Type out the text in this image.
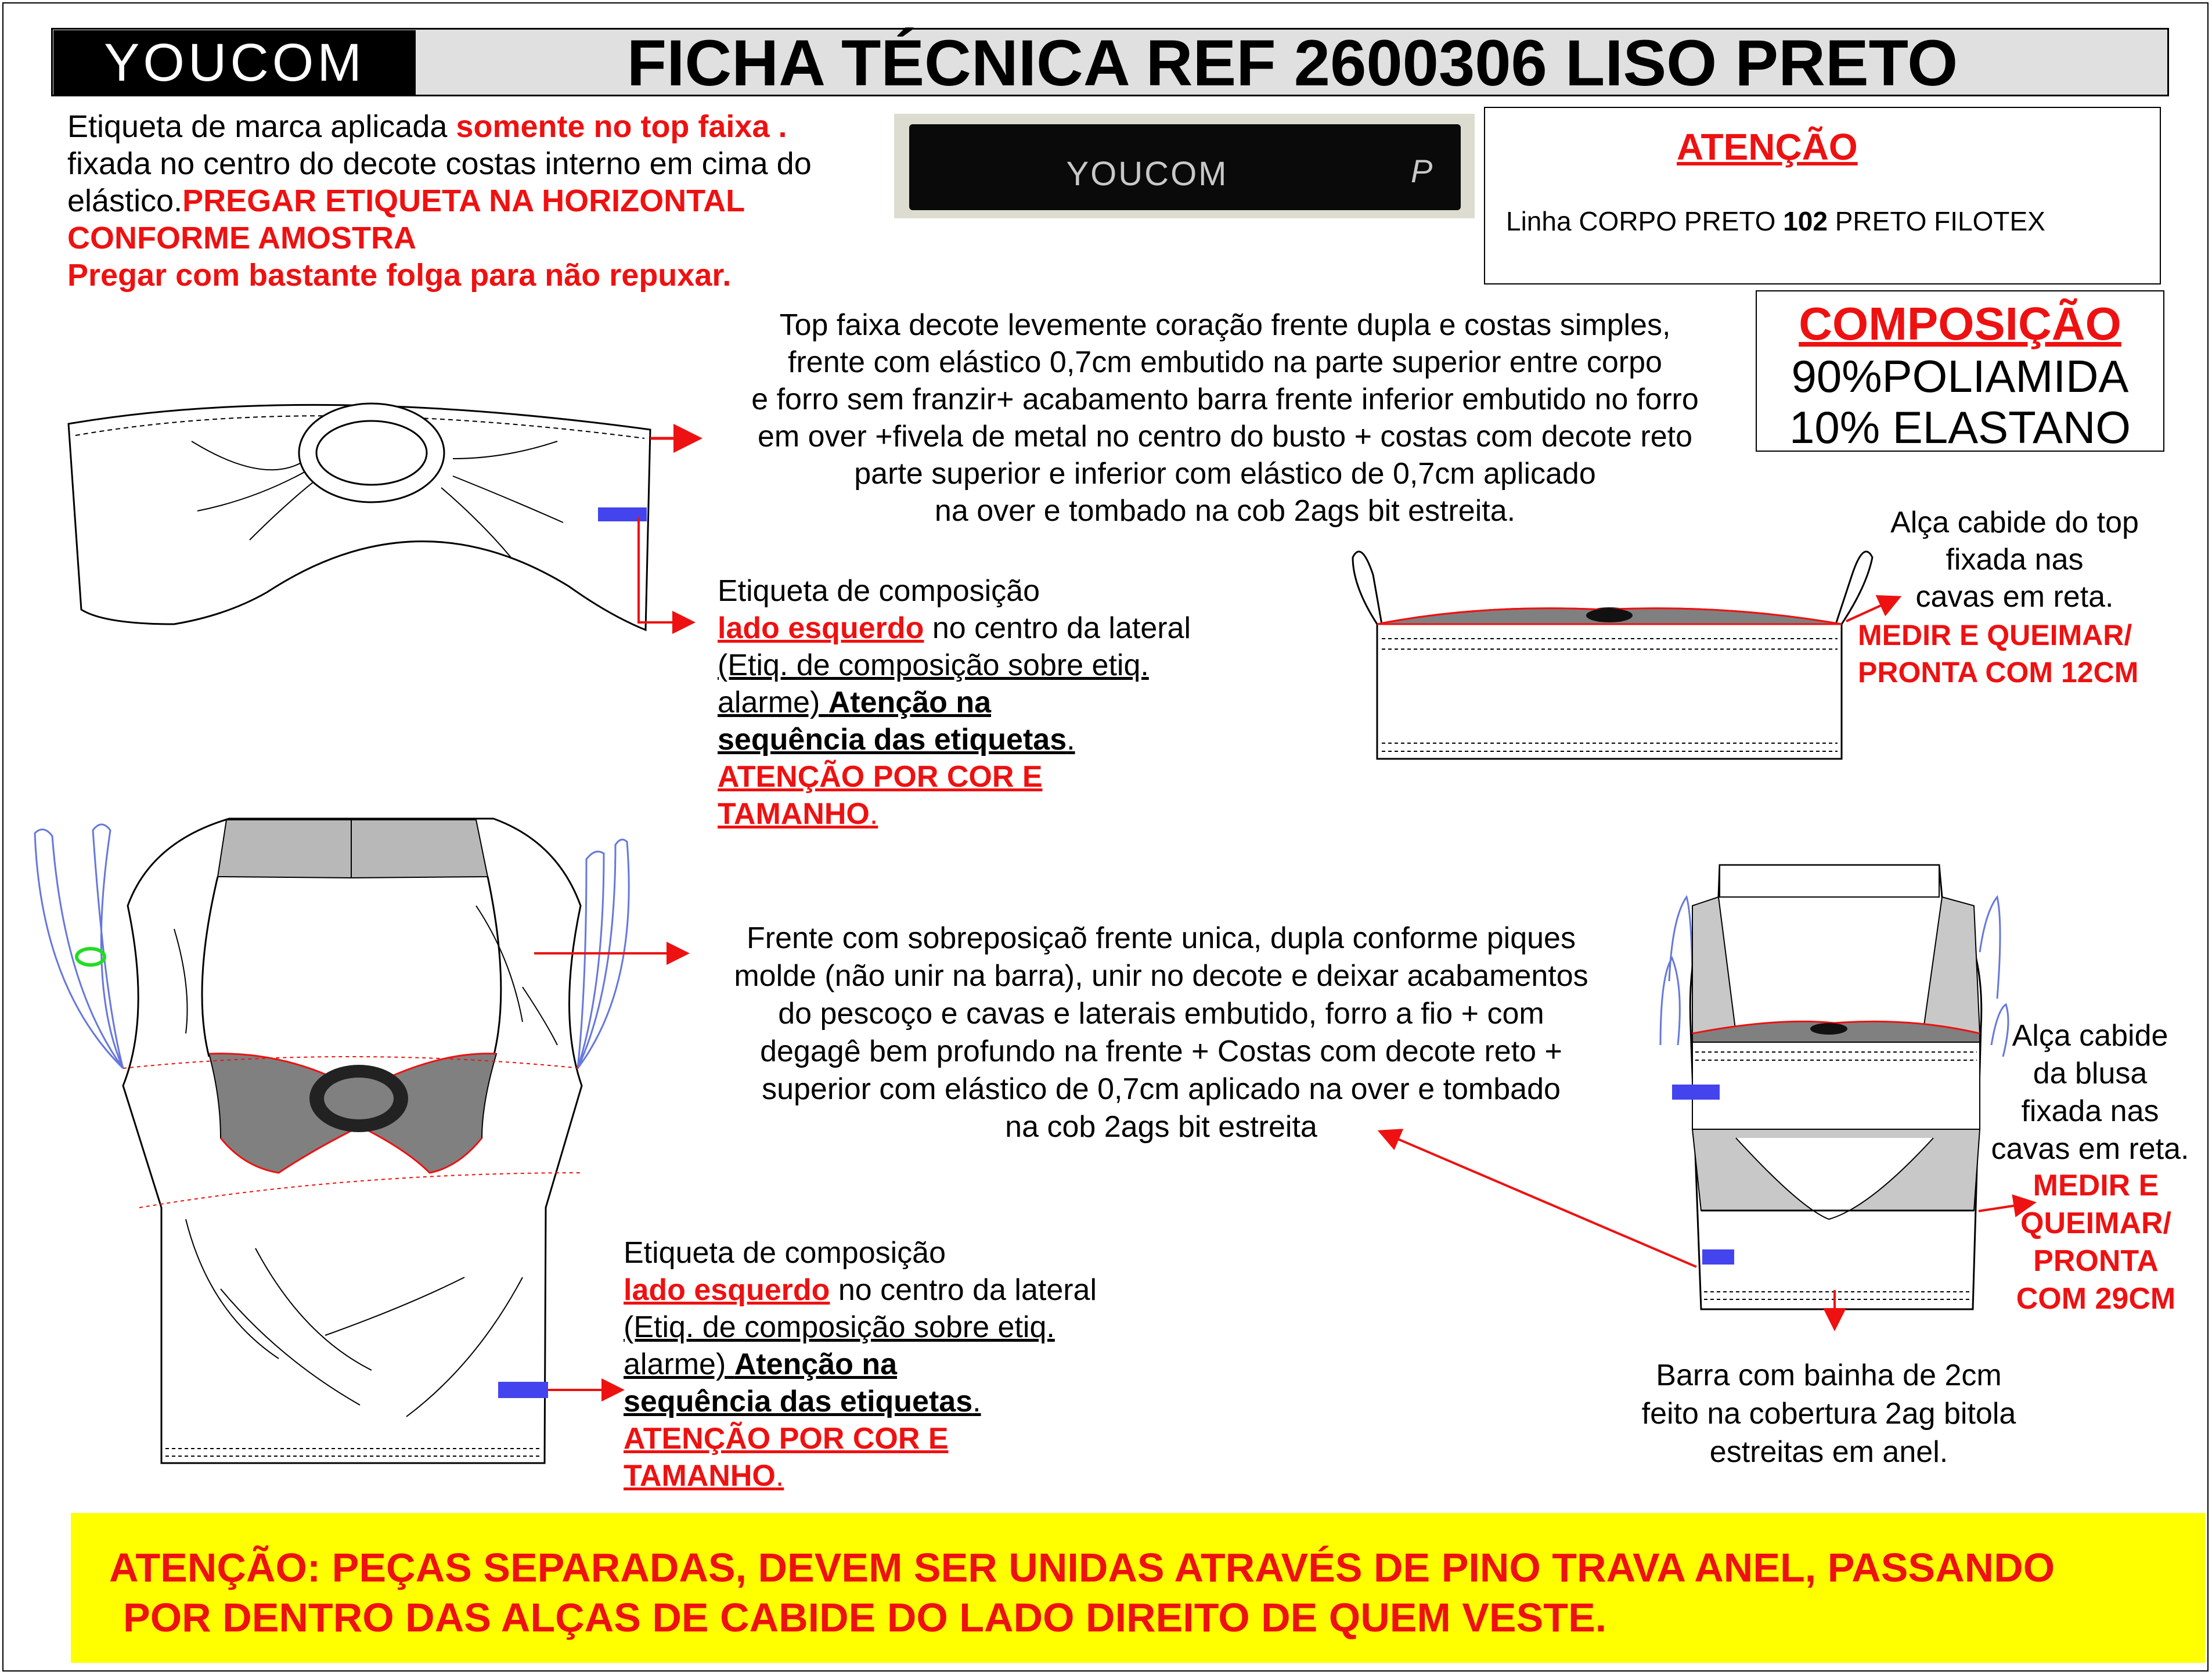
YOUCOM	FICHA TÉCNICA REF 2600306 LISO PRETO
Etiqueta de marca aplicada somente no top faixa .
fixada no centro do decote costas interno em cima do
elástico.PREGAR ETIQUETA NA HORIZONTAL
CONFORME AMOSTRA
Pregar com bastante folga para não repuxar.
YOUCOM	P
ATENÇÃO
Linha CORPO PRETO 102 PRETO FILOTEX
COMPOSIÇÃO
90%POLIAMIDA
10% ELASTANO
Top faixa decote levemente coração frente dupla e costas simples,
frente com elástico 0,7cm embutido na parte superior entre corpo
e forro sem franzir+ acabamento barra frente inferior embutido no forro
em over +fivela de metal no centro do busto + costas com decote reto
parte superior e inferior com elástico de 0,7cm aplicado
na over e tombado na cob 2ags bit estreita.
Etiqueta de composição
lado esquerdo no centro da lateral
(Etiq. de composição sobre etiq.
alarme) Atenção na
sequência das etiquetas.
ATENÇÃO POR COR E
TAMANHO.
Alça cabide do top
fixada nas
cavas em reta.
MEDIR E QUEIMAR/
PRONTA COM 12CM
Frente com sobreposiçaõ frente unica, dupla conforme piques
molde (não unir na barra), unir no decote e deixar acabamentos
do pescoço e cavas e laterais embutido, forro a fio + com
degagê bem profundo na frente + Costas com decote reto +
superior com elástico de 0,7cm aplicado na over e tombado
na cob 2ags bit estreita
Etiqueta de composição
lado esquerdo no centro da lateral
(Etiq. de composição sobre etiq.
alarme) Atenção na
sequência das etiquetas.
ATENÇÃO POR COR E
TAMANHO.
Alça cabide
da blusa
fixada nas
cavas em reta.
MEDIR E
QUEIMAR/
PRONTA
COM 29CM
Barra com bainha de 2cm
feito na cobertura 2ag bitola
estreitas em anel.
ATENÇÃO: PEÇAS SEPARADAS, DEVEM SER UNIDAS ATRAVÉS DE PINO TRAVA ANEL, PASSANDO
POR DENTRO DAS ALÇAS DE CABIDE DO LADO DIREITO DE QUEM VESTE.
